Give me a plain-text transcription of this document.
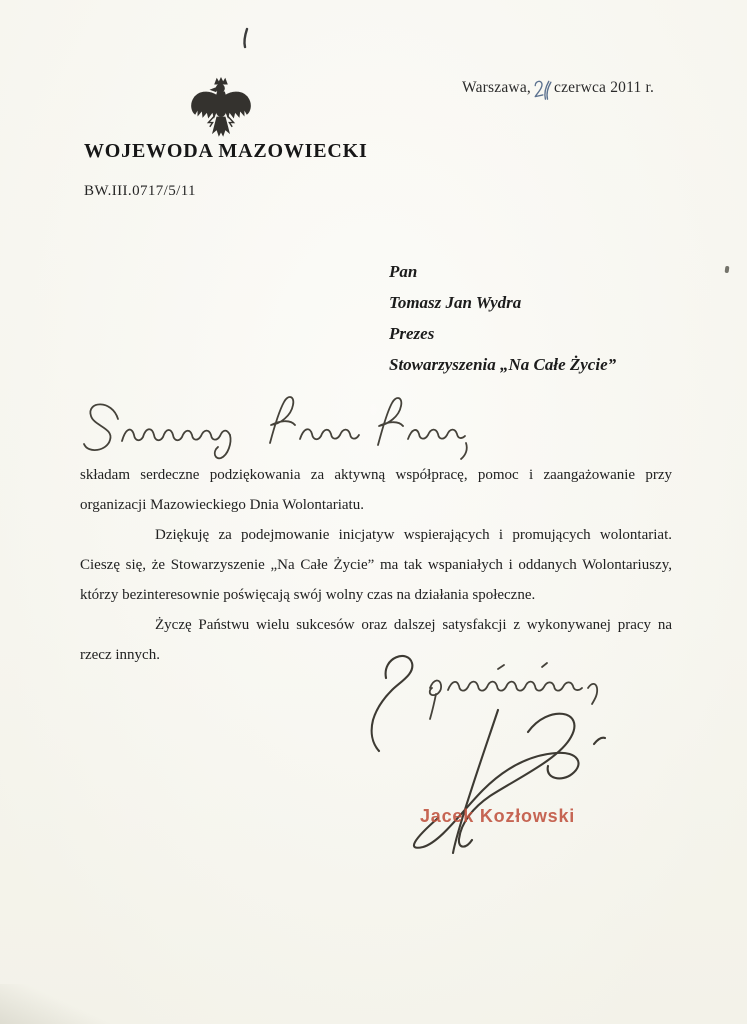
Warszawa, czerwca 2011 r.
WOJEWODA MAZOWIECKI
BW.III.0717/5/11
Pan
Tomasz Jan Wydra
Prezes
Stowarzyszenia „Na Całe Życie”

składam serdeczne podziękowania za aktywną współpracę, pomoc i zaangażowanie przy organizacji Mazowieckiego Dnia Wolontariatu.

Dziękuję za podejmowanie inicjatyw wspierających i promujących wolontariat. Cieszę się, że Stowarzyszenie „Na Całe Życie” ma tak wspaniałych i oddanych Wolontariuszy, którzy bezinteresownie poświęcają swój wolny czas na działania społeczne.

Życzę Państwu wielu sukcesów oraz dalszej satysfakcji z wykonywanej pracy na rzecz innych.

Jacek Kozłowski
